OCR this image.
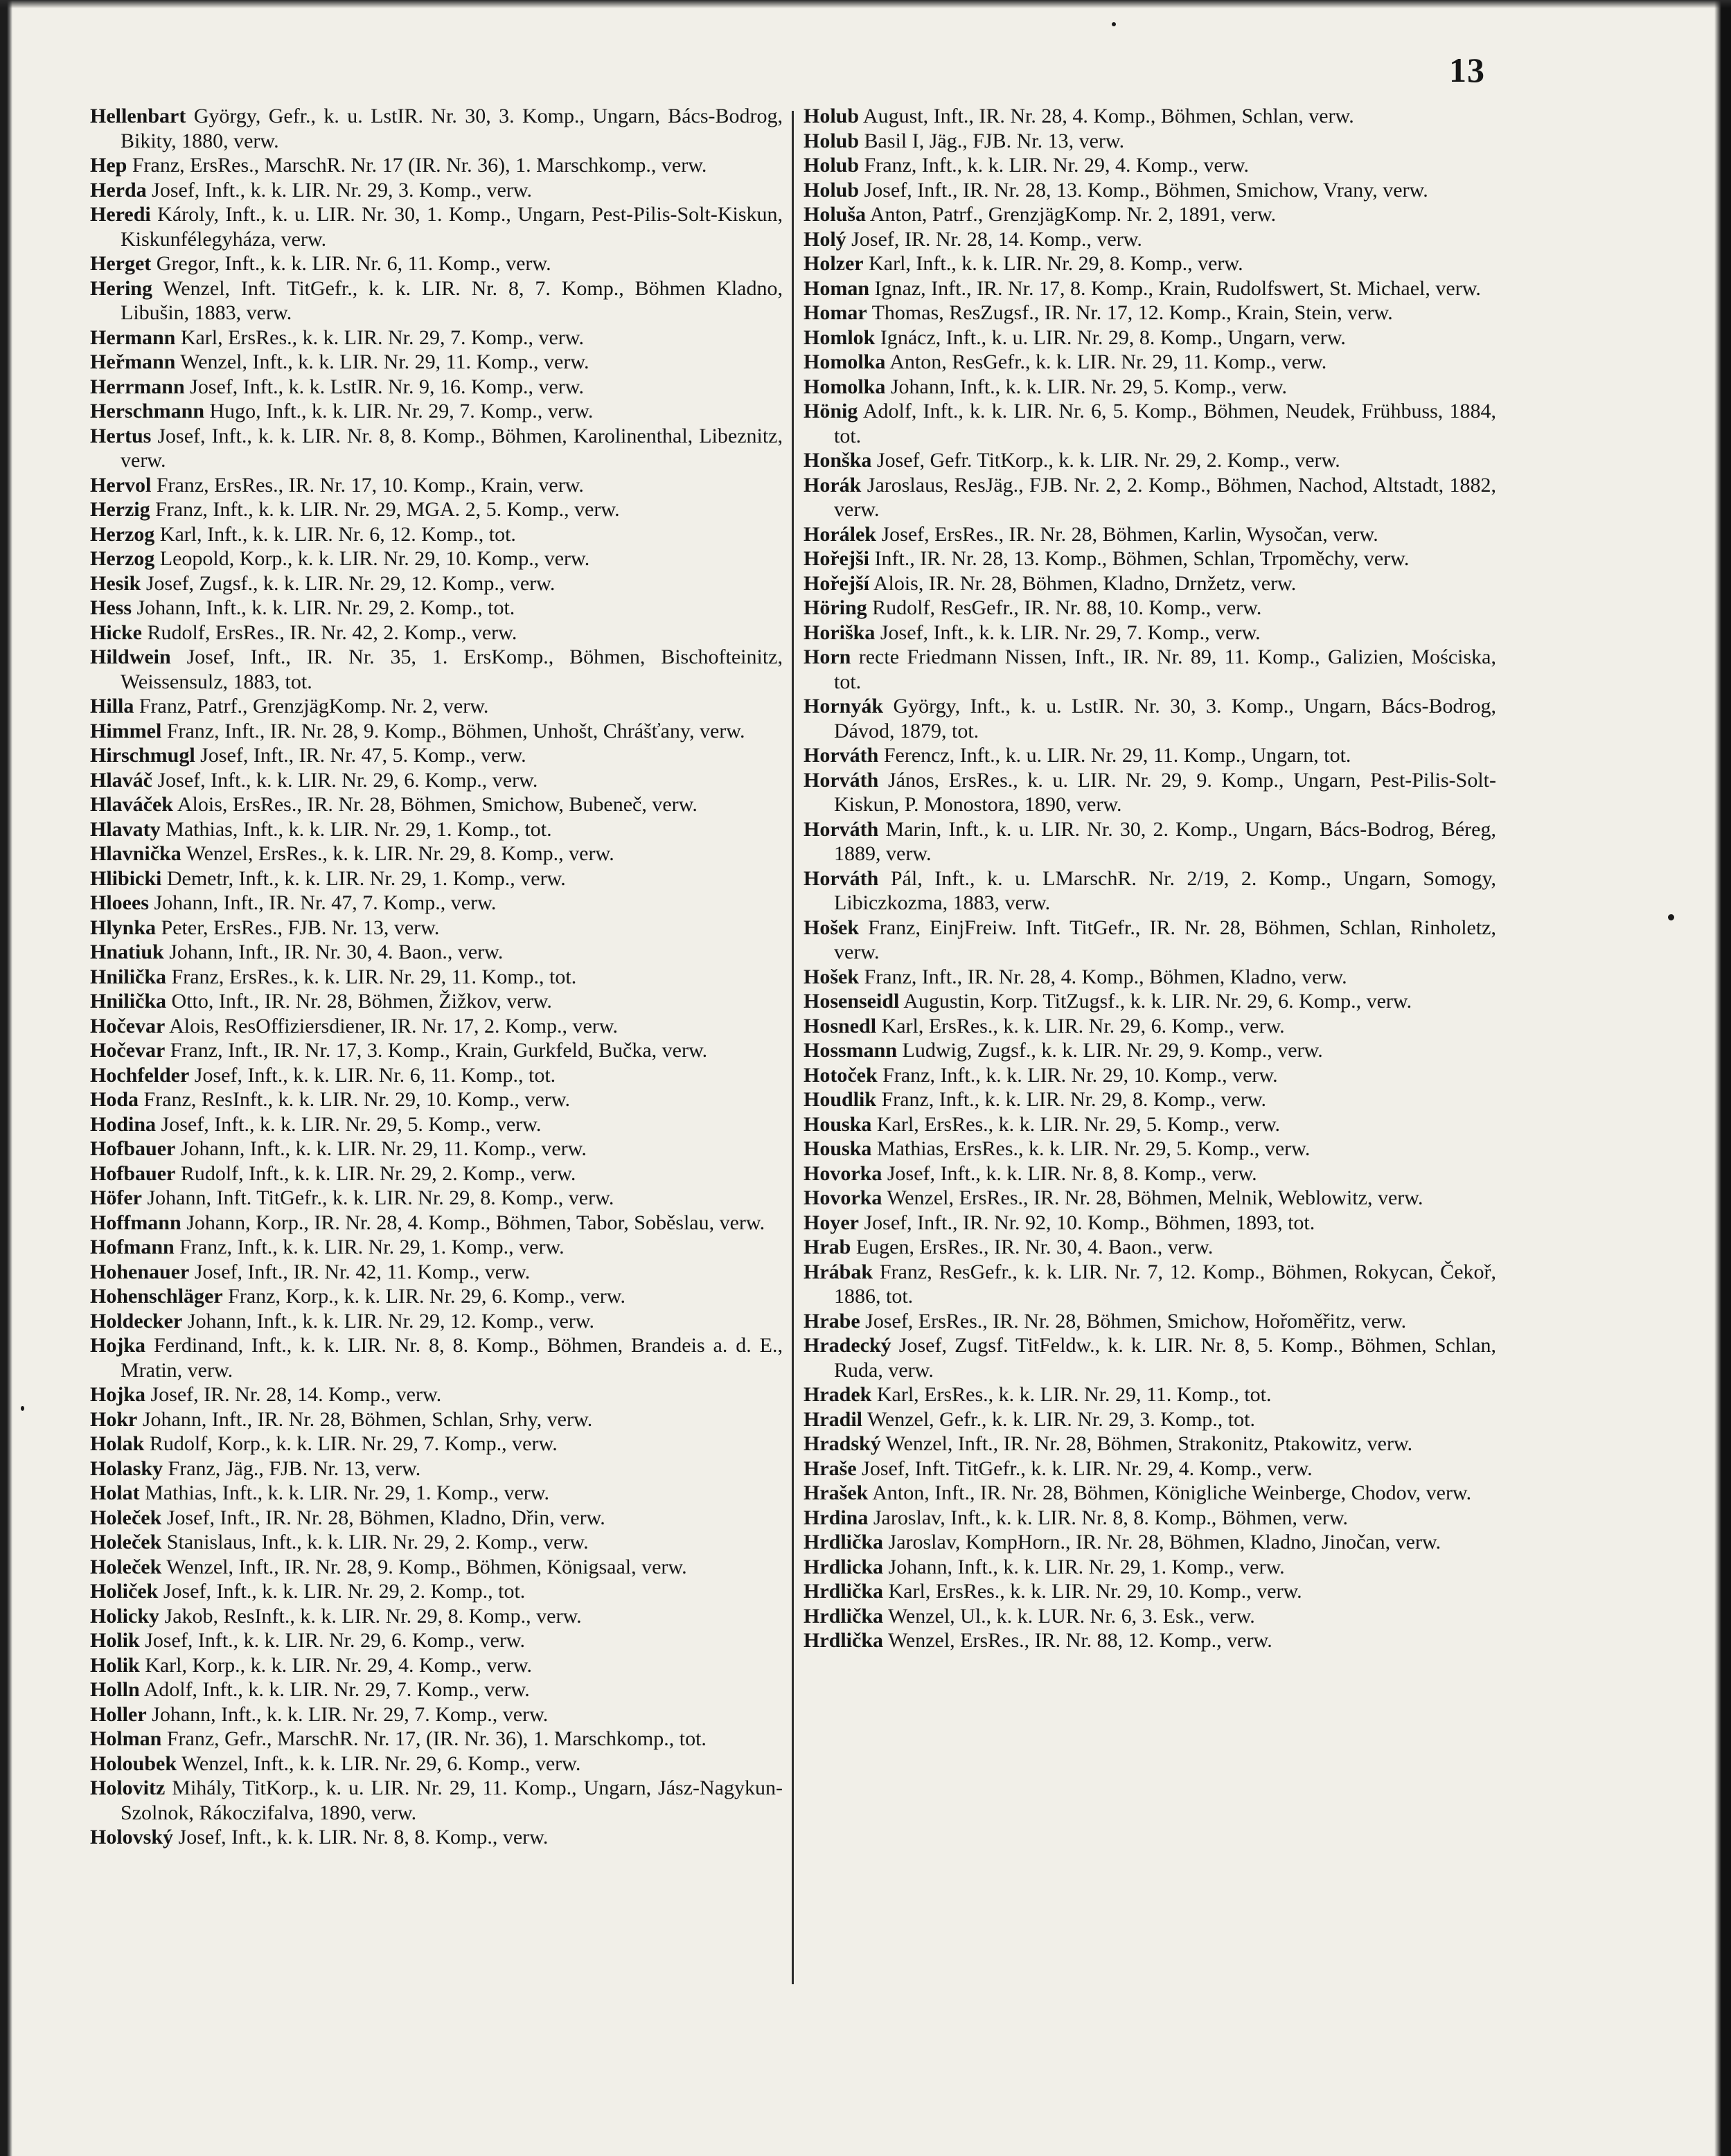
13
Hellenbart György, Gefr., k. u. LstIR. Nr. 30, 3. Komp., Ungarn, Bács-Bodrog, Bikity, 1880, verw.
Hep Franz, ErsRes., MarschR. Nr. 17 (IR. Nr. 36), 1. Marschkomp., verw.
Herda Josef, Inft., k. k. LIR. Nr. 29, 3. Komp., verw.
Heredi Károly, Inft., k. u. LIR. Nr. 30, 1. Komp., Ungarn, Pest-Pilis-Solt-Kiskun, Kiskunfélegyháza, verw.
Herget Gregor, Inft., k. k. LIR. Nr. 6, 11. Komp., verw.
Hering Wenzel, Inft. TitGefr., k. k. LIR. Nr. 8, 7. Komp., Böhmen Kladno, Libušin, 1883, verw.
Hermann Karl, ErsRes., k. k. LIR. Nr. 29, 7. Komp., verw.
Heřmann Wenzel, Inft., k. k. LIR. Nr. 29, 11. Komp., verw.
Herrmann Josef, Inft., k. k. LstIR. Nr. 9, 16. Komp., verw.
Herschmann Hugo, Inft., k. k. LIR. Nr. 29, 7. Komp., verw.
Hertus Josef, Inft., k. k. LIR. Nr. 8, 8. Komp., Böhmen, Karolinenthal, Libeznitz, verw.
Hervol Franz, ErsRes., IR. Nr. 17, 10. Komp., Krain, verw.
Herzig Franz, Inft., k. k. LIR. Nr. 29, MGA. 2, 5. Komp., verw.
Herzog Karl, Inft., k. k. LIR. Nr. 6, 12. Komp., tot.
Herzog Leopold, Korp., k. k. LIR. Nr. 29, 10. Komp., verw.
Hesik Josef, Zugsf., k. k. LIR. Nr. 29, 12. Komp., verw.
Hess Johann, Inft., k. k. LIR. Nr. 29, 2. Komp., tot.
Hicke Rudolf, ErsRes., IR. Nr. 42, 2. Komp., verw.
Hildwein Josef, Inft., IR. Nr. 35, 1. ErsKomp., Böhmen, Bischofteinitz, Weissensulz, 1883, tot.
Hilla Franz, Patrf., GrenzjägKomp. Nr. 2, verw.
Himmel Franz, Inft., IR. Nr. 28, 9. Komp., Böhmen, Unhošt, Chrášťany, verw.
Hirschmugl Josef, Inft., IR. Nr. 47, 5. Komp., verw.
Hlaváč Josef, Inft., k. k. LIR. Nr. 29, 6. Komp., verw.
Hlaváček Alois, ErsRes., IR. Nr. 28, Böhmen, Smichow, Bubeneč, verw.
Hlavaty Mathias, Inft., k. k. LIR. Nr. 29, 1. Komp., tot.
Hlavnička Wenzel, ErsRes., k. k. LIR. Nr. 29, 8. Komp., verw.
Hlibicki Demetr, Inft., k. k. LIR. Nr. 29, 1. Komp., verw.
Hloees Johann, Inft., IR. Nr. 47, 7. Komp., verw.
Hlynka Peter, ErsRes., FJB. Nr. 13, verw.
Hnatiuk Johann, Inft., IR. Nr. 30, 4. Baon., verw.
Hnilička Franz, ErsRes., k. k. LIR. Nr. 29, 11. Komp., tot.
Hnilička Otto, Inft., IR. Nr. 28, Böhmen, Žižkov, verw.
Hočevar Alois, ResOffiziersdiener, IR. Nr. 17, 2. Komp., verw.
Hočevar Franz, Inft., IR. Nr. 17, 3. Komp., Krain, Gurkfeld, Bučka, verw.
Hochfelder Josef, Inft., k. k. LIR. Nr. 6, 11. Komp., tot.
Hoda Franz, ResInft., k. k. LIR. Nr. 29, 10. Komp., verw.
Hodina Josef, Inft., k. k. LIR. Nr. 29, 5. Komp., verw.
Hofbauer Johann, Inft., k. k. LIR. Nr. 29, 11. Komp., verw.
Hofbauer Rudolf, Inft., k. k. LIR. Nr. 29, 2. Komp., verw.
Höfer Johann, Inft. TitGefr., k. k. LIR. Nr. 29, 8. Komp., verw.
Hoffmann Johann, Korp., IR. Nr. 28, 4. Komp., Böhmen, Tabor, Soběslau, verw.
Hofmann Franz, Inft., k. k. LIR. Nr. 29, 1. Komp., verw.
Hohenauer Josef, Inft., IR. Nr. 42, 11. Komp., verw.
Hohenschläger Franz, Korp., k. k. LIR. Nr. 29, 6. Komp., verw.
Holdecker Johann, Inft., k. k. LIR. Nr. 29, 12. Komp., verw.
Hojka Ferdinand, Inft., k. k. LIR. Nr. 8, 8. Komp., Böhmen, Brandeis a. d. E., Mratin, verw.
Hojka Josef, IR. Nr. 28, 14. Komp., verw.
Hokr Johann, Inft., IR. Nr. 28, Böhmen, Schlan, Srhy, verw.
Holak Rudolf, Korp., k. k. LIR. Nr. 29, 7. Komp., verw.
Holasky Franz, Jäg., FJB. Nr. 13, verw.
Holat Mathias, Inft., k. k. LIR. Nr. 29, 1. Komp., verw.
Holeček Josef, Inft., IR. Nr. 28, Böhmen, Kladno, Dřin, verw.
Holeček Stanislaus, Inft., k. k. LIR. Nr. 29, 2. Komp., verw.
Holeček Wenzel, Inft., IR. Nr. 28, 9. Komp., Böhmen, Königsaal, verw.
Holiček Josef, Inft., k. k. LIR. Nr. 29, 2. Komp., tot.
Holicky Jakob, ResInft., k. k. LIR. Nr. 29, 8. Komp., verw.
Holik Josef, Inft., k. k. LIR. Nr. 29, 6. Komp., verw.
Holik Karl, Korp., k. k. LIR. Nr. 29, 4. Komp., verw.
Holln Adolf, Inft., k. k. LIR. Nr. 29, 7. Komp., verw.
Holler Johann, Inft., k. k. LIR. Nr. 29, 7. Komp., verw.
Holman Franz, Gefr., MarschR. Nr. 17, (IR. Nr. 36), 1. Marschkomp., tot.
Holoubek Wenzel, Inft., k. k. LIR. Nr. 29, 6. Komp., verw.
Holovitz Mihály, TitKorp., k. u. LIR. Nr. 29, 11. Komp., Ungarn, Jász-Nagykun-Szolnok, Rákoczifalva, 1890, verw.
Holovský Josef, Inft., k. k. LIR. Nr. 8, 8. Komp., verw.
Holub August, Inft., IR. Nr. 28, 4. Komp., Böhmen, Schlan, verw.
Holub Basil I, Jäg., FJB. Nr. 13, verw.
Holub Franz, Inft., k. k. LIR. Nr. 29, 4. Komp., verw.
Holub Josef, Inft., IR. Nr. 28, 13. Komp., Böhmen, Smichow, Vrany, verw.
Holuša Anton, Patrf., GrenzjägKomp. Nr. 2, 1891, verw.
Holý Josef, IR. Nr. 28, 14. Komp., verw.
Holzer Karl, Inft., k. k. LIR. Nr. 29, 8. Komp., verw.
Homan Ignaz, Inft., IR. Nr. 17, 8. Komp., Krain, Rudolfswert, St. Michael, verw.
Homar Thomas, ResZugsf., IR. Nr. 17, 12. Komp., Krain, Stein, verw.
Homlok Ignácz, Inft., k. u. LIR. Nr. 29, 8. Komp., Ungarn, verw.
Homolka Anton, ResGefr., k. k. LIR. Nr. 29, 11. Komp., verw.
Homolka Johann, Inft., k. k. LIR. Nr. 29, 5. Komp., verw.
Hönig Adolf, Inft., k. k. LIR. Nr. 6, 5. Komp., Böhmen, Neudek, Frühbuss, 1884, tot.
Honška Josef, Gefr. TitKorp., k. k. LIR. Nr. 29, 2. Komp., verw.
Horák Jaroslaus, ResJäg., FJB. Nr. 2, 2. Komp., Böhmen, Nachod, Altstadt, 1882, verw.
Horálek Josef, ErsRes., IR. Nr. 28, Böhmen, Karlin, Wysočan, verw.
Hořejši Inft., IR. Nr. 28, 13. Komp., Böhmen, Schlan, Trpoměchy, verw.
Hořejší Alois, IR. Nr. 28, Böhmen, Kladno, Drnžetz, verw.
Höring Rudolf, ResGefr., IR. Nr. 88, 10. Komp., verw.
Horiška Josef, Inft., k. k. LIR. Nr. 29, 7. Komp., verw.
Horn recte Friedmann Nissen, Inft., IR. Nr. 89, 11. Komp., Galizien, Mościska, tot.
Hornyák György, Inft., k. u. LstIR. Nr. 30, 3. Komp., Ungarn, Bács-Bodrog, Dávod, 1879, tot.
Horváth Ferencz, Inft., k. u. LIR. Nr. 29, 11. Komp., Ungarn, tot.
Horváth János, ErsRes., k. u. LIR. Nr. 29, 9. Komp., Ungarn, Pest-Pilis-Solt-Kiskun, P. Monostora, 1890, verw.
Horváth Marin, Inft., k. u. LIR. Nr. 30, 2. Komp., Ungarn, Bács-Bodrog, Béreg, 1889, verw.
Horváth Pál, Inft., k. u. LMarschR. Nr. 2/19, 2. Komp., Ungarn, Somogy, Libiczkozma, 1883, verw.
Hošek Franz, EinjFreiw. Inft. TitGefr., IR. Nr. 28, Böhmen, Schlan, Rinholetz, verw.
Hošek Franz, Inft., IR. Nr. 28, 4. Komp., Böhmen, Kladno, verw.
Hosenseidl Augustin, Korp. TitZugsf., k. k. LIR. Nr. 29, 6. Komp., verw.
Hosnedl Karl, ErsRes., k. k. LIR. Nr. 29, 6. Komp., verw.
Hossmann Ludwig, Zugsf., k. k. LIR. Nr. 29, 9. Komp., verw.
Hotoček Franz, Inft., k. k. LIR. Nr. 29, 10. Komp., verw.
Houdlik Franz, Inft., k. k. LIR. Nr. 29, 8. Komp., verw.
Houska Karl, ErsRes., k. k. LIR. Nr. 29, 5. Komp., verw.
Houska Mathias, ErsRes., k. k. LIR. Nr. 29, 5. Komp., verw.
Hovorka Josef, Inft., k. k. LIR. Nr. 8, 8. Komp., verw.
Hovorka Wenzel, ErsRes., IR. Nr. 28, Böhmen, Melnik, Weblowitz, verw.
Hoyer Josef, Inft., IR. Nr. 92, 10. Komp., Böhmen, 1893, tot.
Hrab Eugen, ErsRes., IR. Nr. 30, 4. Baon., verw.
Hrábak Franz, ResGefr., k. k. LIR. Nr. 7, 12. Komp., Böhmen, Rokycan, Čekoř, 1886, tot.
Hrabe Josef, ErsRes., IR. Nr. 28, Böhmen, Smichow, Hořoměřitz, verw.
Hradecký Josef, Zugsf. TitFeldw., k. k. LIR. Nr. 8, 5. Komp., Böhmen, Schlan, Ruda, verw.
Hradek Karl, ErsRes., k. k. LIR. Nr. 29, 11. Komp., tot.
Hradil Wenzel, Gefr., k. k. LIR. Nr. 29, 3. Komp., tot.
Hradský Wenzel, Inft., IR. Nr. 28, Böhmen, Strakonitz, Ptakowitz, verw.
Hraše Josef, Inft. TitGefr., k. k. LIR. Nr. 29, 4. Komp., verw.
Hrašek Anton, Inft., IR. Nr. 28, Böhmen, Königliche Weinberge, Chodov, verw.
Hrdina Jaroslav, Inft., k. k. LIR. Nr. 8, 8. Komp., Böhmen, verw.
Hrdlička Jaroslav, KompHorn., IR. Nr. 28, Böhmen, Kladno, Jinočan, verw.
Hrdlicka Johann, Inft., k. k. LIR. Nr. 29, 1. Komp., verw.
Hrdlička Karl, ErsRes., k. k. LIR. Nr. 29, 10. Komp., verw.
Hrdlička Wenzel, Ul., k. k. LUR. Nr. 6, 3. Esk., verw.
Hrdlička Wenzel, ErsRes., IR. Nr. 88, 12. Komp., verw.
